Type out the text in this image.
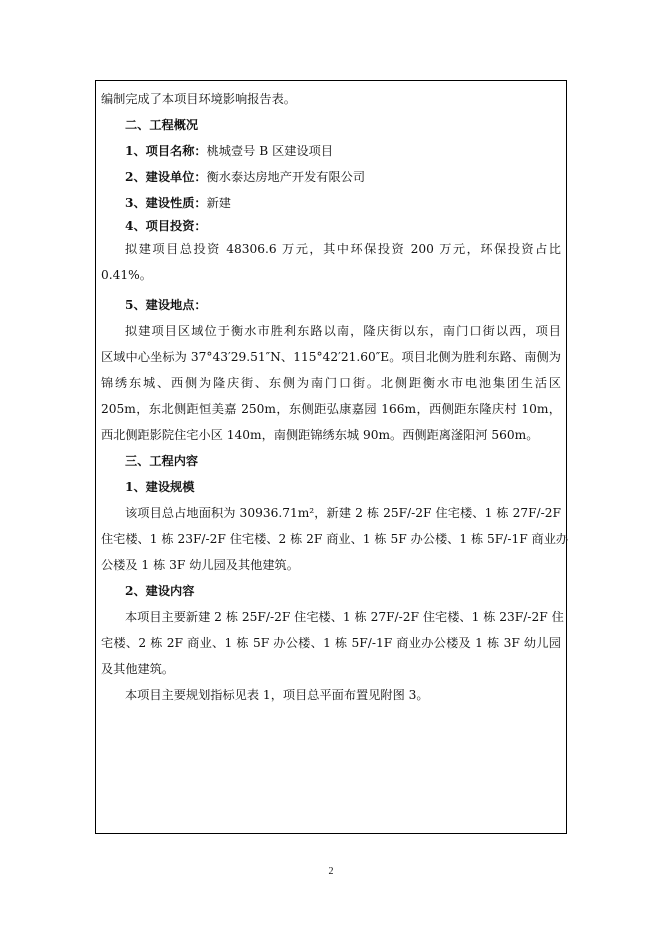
编制完成了本项目环境影响报告表。
二、工程概况
1、项目名称：桃城壹号 B 区建设项目
2、建设单位：衡水泰达房地产开发有限公司
3、建设性质：新建
4、项目投资：
拟建项目总投资 48306.6 万元，其中环保投资 200 万元，环保投资占比
0.41%。
5、建设地点：
拟建项目区域位于衡水市胜利东路以南，隆庆街以东，南门口街以西，项目
区域中心坐标为 37°43′29.51″N、115°42′21.60″E。项目北侧为胜利东路、南侧为
锦绣东城、西侧为隆庆街、东侧为南门口街。北侧距衡水市电池集团生活区
205m，东北侧距恒美嘉 250m，东侧距弘康嘉园 166m，西侧距东隆庆村 10m，
西北侧距影院住宅小区 140m，南侧距锦绣东城 90m。西侧距离滏阳河 560m。
三、工程内容
1、建设规模
该项目总占地面积为 30936.71m²，新建 2 栋 25F/-2F 住宅楼、1 栋 27F/-2F
住宅楼、1 栋 23F/-2F 住宅楼、2 栋 2F 商业、1 栋 5F 办公楼、1 栋 5F/-1F 商业办
公楼及 1 栋 3F 幼儿园及其他建筑。
2、建设内容
本项目主要新建 2 栋 25F/-2F 住宅楼、1 栋 27F/-2F 住宅楼、1 栋 23F/-2F 住
宅楼、2 栋 2F 商业、1 栋 5F 办公楼、1 栋 5F/-1F 商业办公楼及 1 栋 3F 幼儿园
及其他建筑。
本项目主要规划指标见表 1，项目总平面布置见附图 3。
2
